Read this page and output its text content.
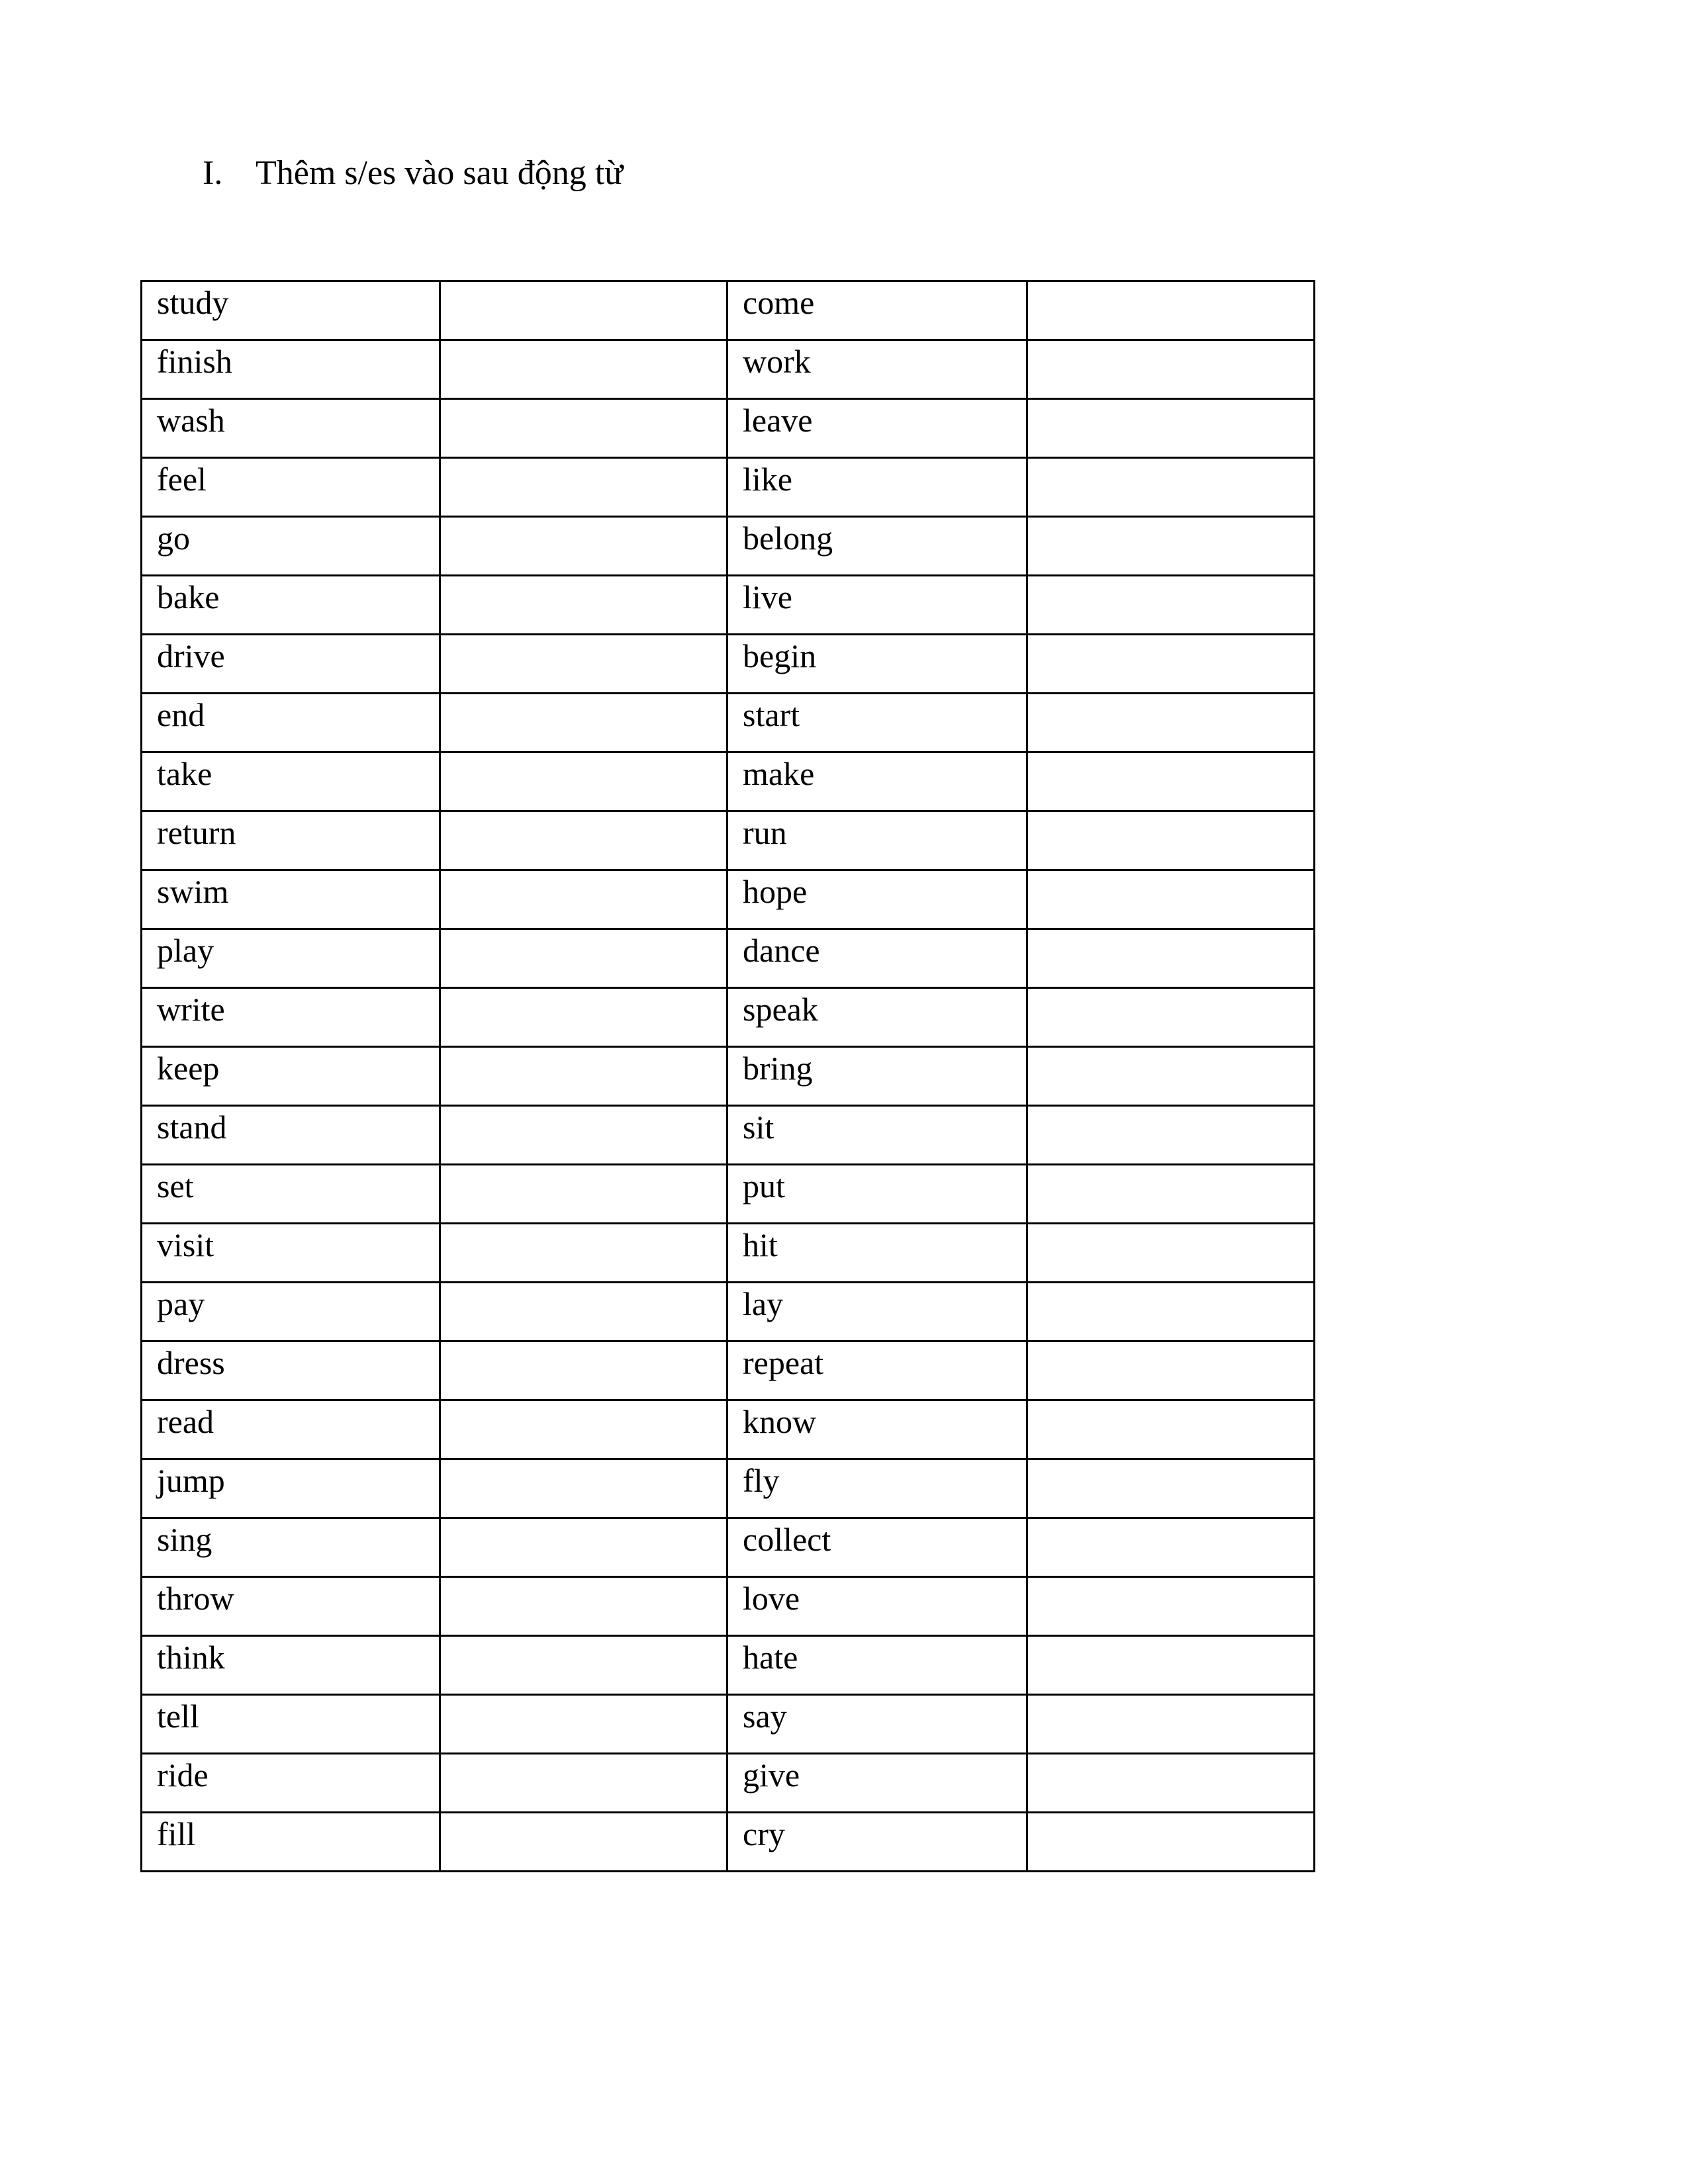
I. Thêm s/es vào sau động từ
study		come	
finish		work	
wash		leave	
feel		like	
go		belong	
bake		live	
drive		begin	
end		start	
take		make	
return		run	
swim		hope	
play		dance	
write		speak	
keep		bring	
stand		sit	
set		put	
visit		hit	
pay		lay	
dress		repeat	
read		know	
jump		fly	
sing		collect	
throw		love	
think		hate	
tell		say	
ride		give	
fill		cry	
